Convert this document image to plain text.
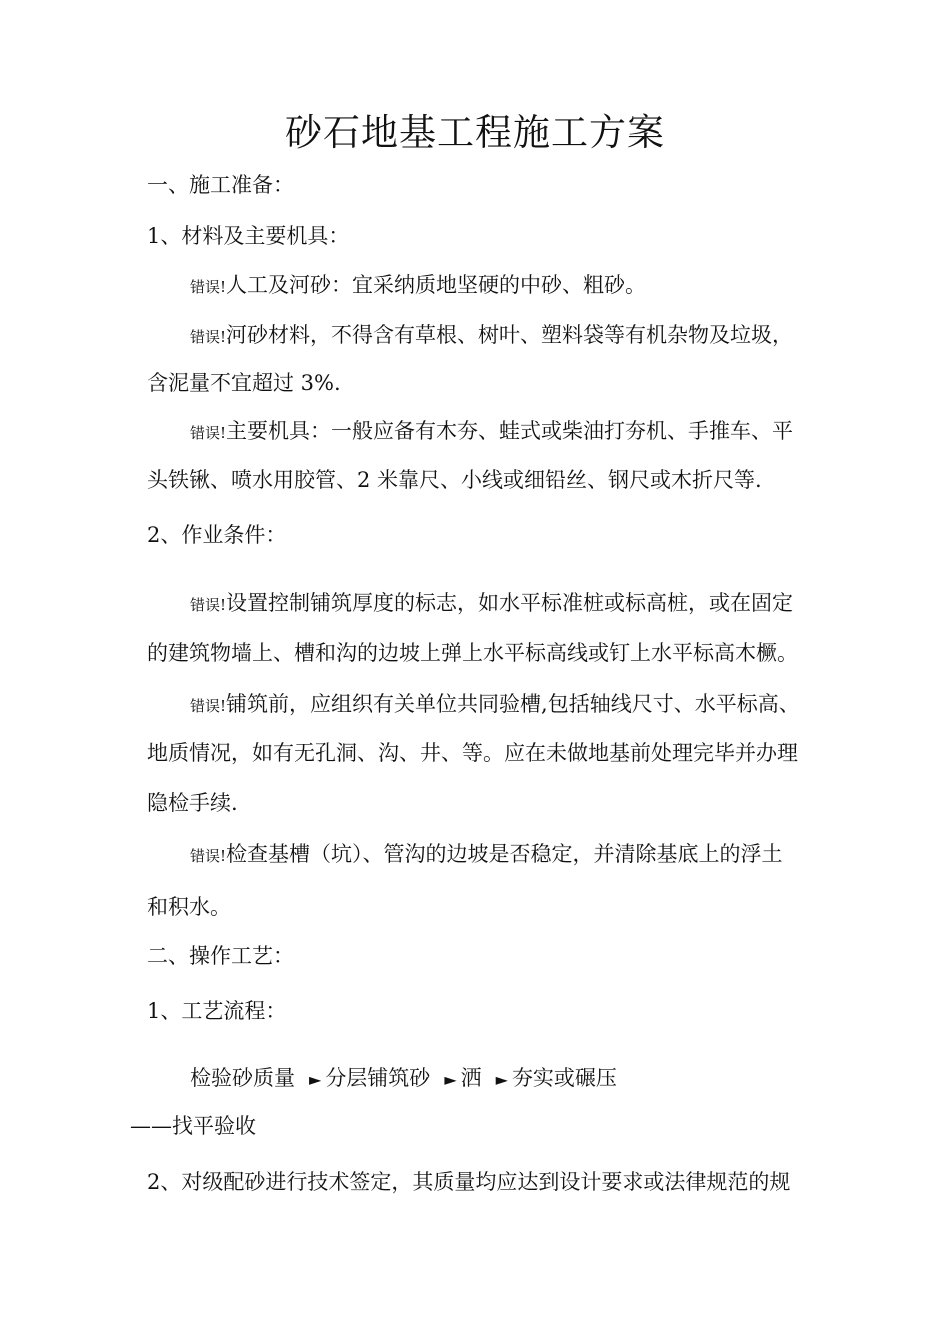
砂石地基工程施工方案
一、施工准备：
1、材料及主要机具：
错误!人工及河砂：宜采纳质地坚硬的中砂、粗砂。
错误!河砂材料，不得含有草根、树叶、塑料袋等有机杂物及垃圾，
含泥量不宜超过 3%.
错误!主要机具：一般应备有木夯、蛙式或柴油打夯机、手推车、平
头铁锹、喷水用胶管、2 米靠尺、小线或细铅丝、钢尺或木折尺等.
2、作业条件：
错误!设置控制铺筑厚度的标志，如水平标准桩或标高桩，或在固定
的建筑物墙上、槽和沟的边坡上弹上水平标高线或钉上水平标高木橛。
错误!铺筑前，应组织有关单位共同验槽,包括轴线尺寸、水平标高、
地质情况，如有无孔洞、沟、井、等。应在未做地基前处理完毕并办理
隐检手续.
错误!检查基槽（坑）、管沟的边坡是否稳定，并清除基底上的浮土
和积水。
二、操作工艺：
1、工艺流程：
检验砂质量 ► 分层铺筑砂 ► 洒 ► 夯实或碾压
——找平验收
2、对级配砂进行技术签定，其质量均应达到设计要求或法律规范的规
